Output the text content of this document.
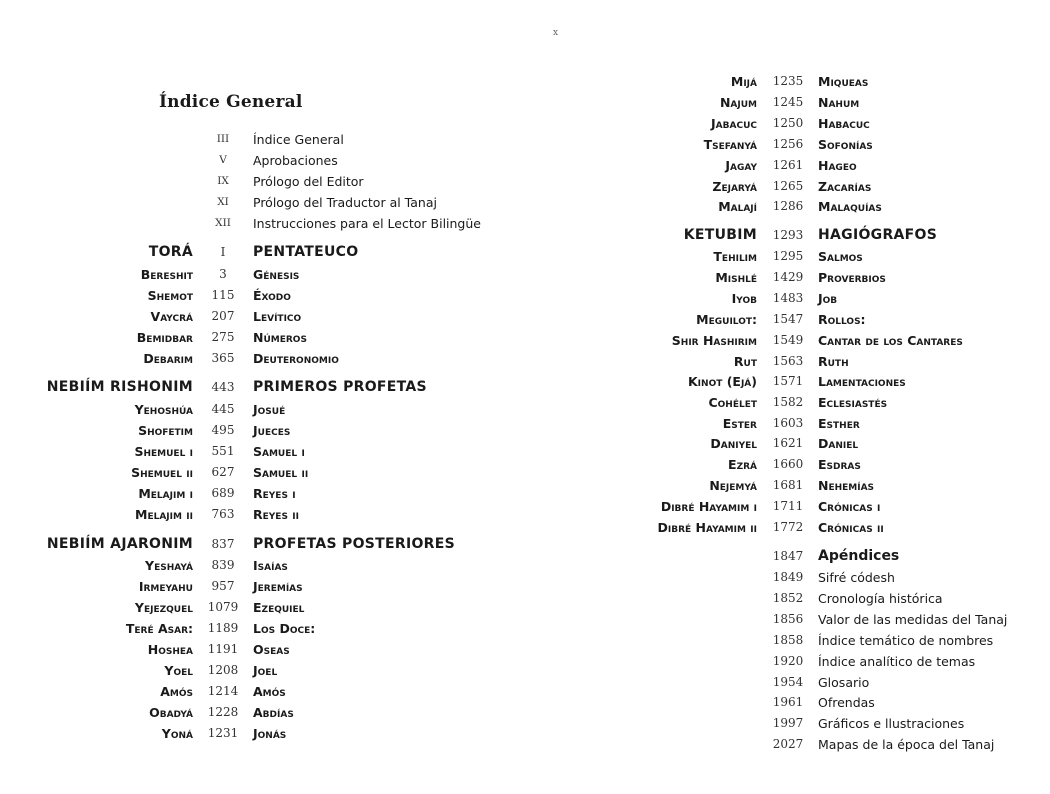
x
Índice General
III	Índice General
V	Aprobaciones
IX	Prólogo del Editor
XI	Prólogo del Traductor al Tanaj
XII	Instrucciones para el Lector Bilingüe
TORÁ	I	PENTATEUCO
Bereshit	3	Génesis
Shemot	115	Éxodo
Vaycrá	207	Levítico
Bemidbar	275	Números
Debarim	365	Deuteronomio
NEBIÍM RISHONIM	443	PRIMEROS PROFETAS
Yehoshúa	445	Josué
Shofetim	495	Jueces
Shemuel i	551	Samuel i
Shemuel ii	627	Samuel ii
Melajim i	689	Reyes i
Melajim ii	763	Reyes ii
NEBIÍM AJARONIM	837	PROFETAS POSTERIORES
Yeshayá	839	Isaías
Irmeyahu	957	Jeremías
Yejezquel	1079	Ezequiel
Teré Asar:	1189	Los Doce:
Hoshea	1191	Oseas
Yoel	1208	Joel
Amós	1214	Amós
Obadyá	1228	Abdías
Yoná	1231	Jonás
Mijá	1235	Miqueas
Najum	1245	Nahum
Jabacuc	1250	Habacuc
Tsefanyá	1256	Sofonías
Jagay	1261	Hageo
Zejaryá	1265	Zacarías
Malají	1286	Malaquías
KETUBIM	1293	HAGIÓGRAFOS
Tehilim	1295	Salmos
Mishlé	1429	Proverbios
Iyob	1483	Job
Meguilot:	1547	Rollos:
Shir Hashirim	1549	Cantar de los Cantares
Rut	1563	Ruth
Kinot (Ejá)	1571	Lamentaciones
Cohélet	1582	Eclesiastés
Ester	1603	Esther
Daniyel	1621	Daniel
Ezrá	1660	Esdras
Nejemyá	1681	Nehemías
Dibré Hayamim i	1711	Crónicas i
Dibré Hayamim ii	1772	Crónicas ii
1847	Apéndices
1849	Sifré códesh
1852	Cronología histórica
1856	Valor de las medidas del Tanaj
1858	Índice temático de nombres
1920	Índice analítico de temas
1954	Glosario
1961	Ofrendas
1997	Gráficos e llustraciones
2027	Mapas de la época del Tanaj
